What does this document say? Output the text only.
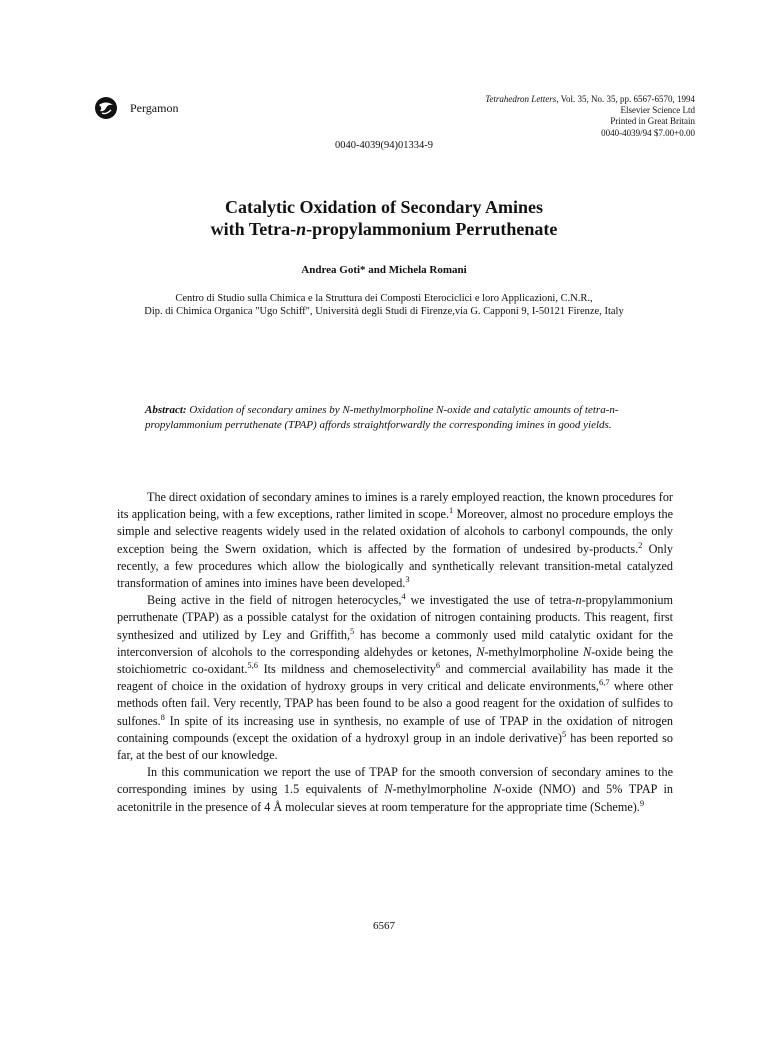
Pergamon
Tetrahedron Letters, Vol. 35, No. 35, pp. 6567-6570, 1994
Elsevier Science Ltd
Printed in Great Britain
0040-4039/94 $7.00+0.00
0040-4039(94)01334-9
Catalytic Oxidation of Secondary Amines
with Tetra-n-propylammonium Perruthenate
Andrea Goti* and Michela Romani
Centro di Studio sulla Chimica e la Struttura dei Composti Eterociclici e loro Applicazioni, C.N.R.,
Dip. di Chimica Organica "Ugo Schiff", Università degli Studi di Firenze,via G. Capponi 9, I-50121 Firenze, Italy
Abstract: Oxidation of secondary amines by N-methylmorpholine N-oxide and catalytic amounts of tetra-n-propylammonium perruthenate (TPAP) affords straightforwardly the corresponding imines in good yields.

The direct oxidation of secondary amines to imines is a rarely employed reaction, the known procedures for its application being, with a few exceptions, rather limited in scope.$^1$ Moreover, almost no procedure employs the simple and selective reagents widely used in the related oxidation of alcohols to carbonyl compounds, the only exception being the Swern oxidation, which is affected by the formation of undesired by-products.$^2$ Only recently, a few procedures which allow the biologically and synthetically relevant transition-metal catalyzed transformation of amines into imines have been developed.$^3$

Being active in the field of nitrogen heterocycles,$^4$ we investigated the use of tetra-n-propylammonium perruthenate (TPAP) as a possible catalyst for the oxidation of nitrogen containing products. This reagent, first synthesized and utilized by Ley and Griffith,$^5$ has become a commonly used mild catalytic oxidant for the interconversion of alcohols to the corresponding aldehydes or ketones, N-methylmorpholine N-oxide being the stoichiometric co-oxidant.$^{5,6}$ Its mildness and chemoselectivity$^6$ and commercial availability has made it the reagent of choice in the oxidation of hydroxy groups in very critical and delicate environments,$^{6,7}$ where other methods often fail. Very recently, TPAP has been found to be also a good reagent for the oxidation of sulfides to sulfones.$^8$ In spite of its increasing use in synthesis, no example of use of TPAP in the oxidation of nitrogen containing compounds (except the oxidation of a hydroxyl group in an indole derivative)$^5$ has been reported so far, at the best of our knowledge.

In this communication we report the use of TPAP for the smooth conversion of secondary amines to the corresponding imines by using 1.5 equivalents of N-methylmorpholine N-oxide (NMO) and 5% TPAP in acetonitrile in the presence of 4 Å molecular sieves at room temperature for the appropriate time (Scheme).$^9$

6567
